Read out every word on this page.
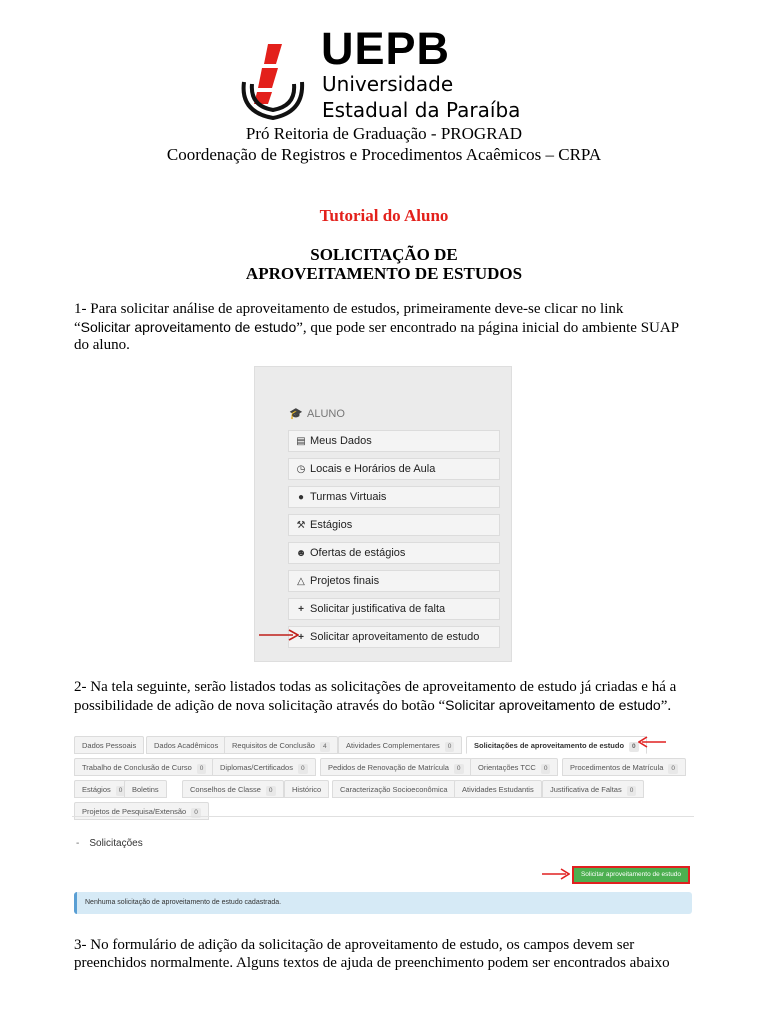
UEPB
Universidade
Estadual da Paraíba
Pró Reitoria de Graduação - PROGRAD
Coordenação de Registros e Procedimentos Acaêmicos – CRPA
Tutorial do Aluno
SOLICITAÇÃO DE
APROVEITAMENTO DE ESTUDOS
1- Para solicitar análise de aproveitamento de estudos, primeiramente deve-se clicar no link
“Solicitar aproveitamento de estudo”, que pode ser encontrado na página inicial do ambiente SUAP
do aluno.
🎓 ALUNO
▤ Meus Dados
◷ Locais e Horários de Aula
● Turmas Virtuais
⚒ Estágios
☻ Ofertas de estágios
△ Projetos finais
+ Solicitar justificativa de falta
+ Solicitar aproveitamento de estudo
2- Na tela seguinte, serão listados todas as solicitações de aproveitamento de estudo já criadas e há a
possibilidade de adição de nova solicitação através do botão “Solicitar aproveitamento de estudo”.
Dados Pessoais	Dados Acadêmicos	Requisitos de Conclusão 4	Atividades Complementares 0	Solicitações de aproveitamento de estudo 0
Trabalho de Conclusão de Curso 0	Diplomas/Certificados 0	Pedidos de Renovação de Matrícula 0	Orientações TCC 0	Procedimentos de Matrícula 0
Estágios 0	Boletins	Conselhos de Classe 0	Histórico	Caracterização Socioeconômica	Atividades Estudantis	Justificativa de Faltas 0
Projetos de Pesquisa/Extensão 0
- Solicitações
Solicitar aproveitamento de estudo
Nenhuma solicitação de aproveitamento de estudo cadastrada.
3- No formulário de adição da solicitação de aproveitamento de estudo, os campos devem ser
preenchidos normalmente. Alguns textos de ajuda de preenchimento podem ser encontrados abaixo
